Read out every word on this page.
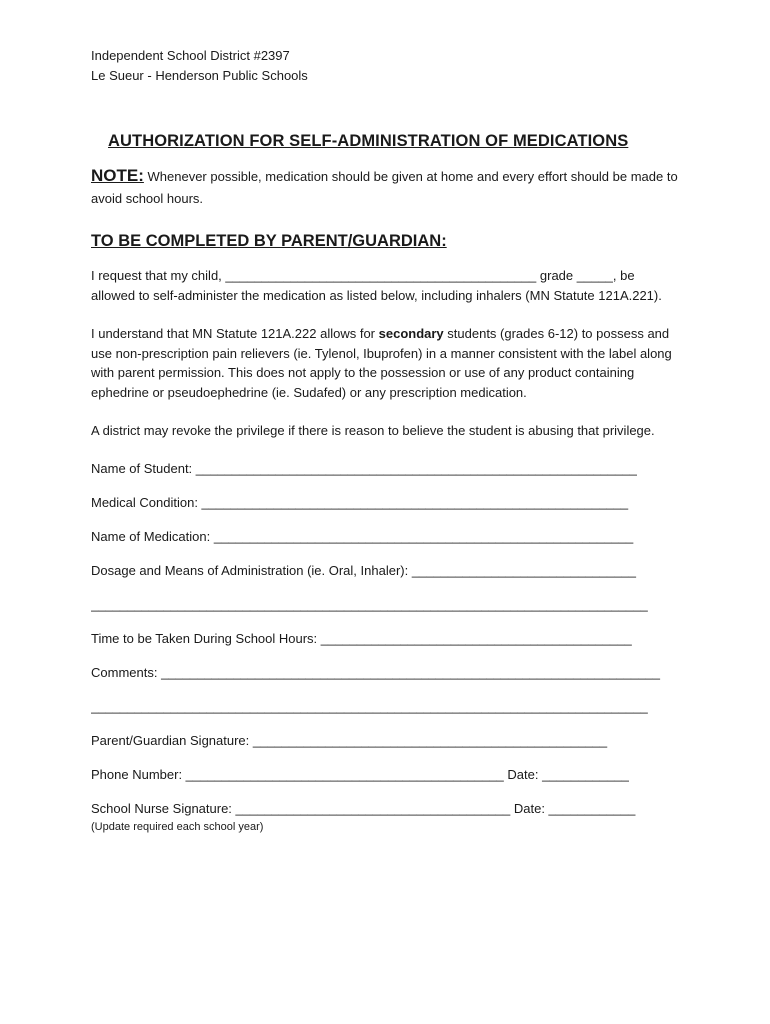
Independent School District #2397

Le Sueur - Henderson Public Schools

AUTHORIZATION FOR SELF-ADMINISTRATION OF MEDICATIONS

NOTE: Whenever possible, medication should be given at home and every effort should be made to avoid school hours.

TO BE COMPLETED BY PARENT/GUARDIAN:

I request that my child, ___________________________________________ grade _____, be allowed to self-administer the medication as listed below, including inhalers (MN Statute 121A.221).

I understand that MN Statute 121A.222 allows for secondary students (grades 6-12) to possess and use non-prescription pain relievers (ie. Tylenol, Ibuprofen) in a manner consistent with the label along with parent permission. This does not apply to the possession or use of any product containing ephedrine or pseudoephedrine (ie. Sudafed) or any prescription medication.

A district may revoke the privilege if there is reason to believe the student is abusing that privilege.

Name of Student: _____________________________________________________________

Medical Condition: ___________________________________________________________

Name of Medication: __________________________________________________________

Dosage and Means of Administration (ie. Oral, Inhaler): _______________________________

_____________________________________________________________________________

Time to be Taken During School Hours: ___________________________________________

Comments: _____________________________________________________________________

_____________________________________________________________________________

Parent/Guardian Signature: _________________________________________________

Phone Number: ____________________________________________ Date: ____________

School Nurse Signature: ______________________________________ Date: ____________

(Update required each school year)
